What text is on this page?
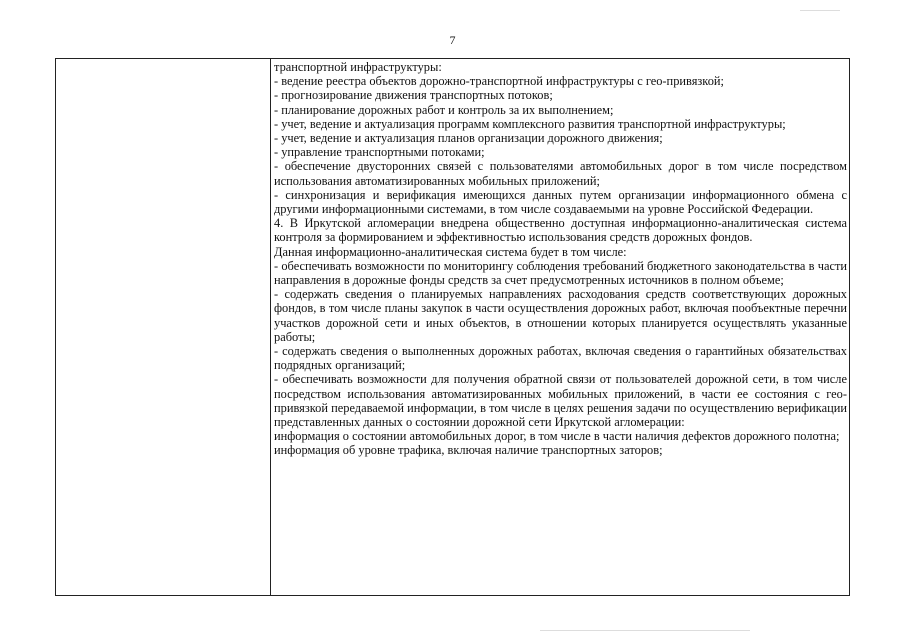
7

транспортной инфраструктуры:

- ведение реестра объектов дорожно-транспортной инфраструктуры с гео-привязкой;

- прогнозирование движения транспортных потоков;

- планирование дорожных работ и контроль за их выполнением;

- учет, ведение и актуализация программ комплексного развития транспортной инфраструктуры;

- учет, ведение и актуализация планов организации дорожного движения;

- управление транспортными потоками;

- обеспечение двусторонних связей с пользователями автомобильных дорог в том числе посредством использования автоматизированных мобильных приложений;

- синхронизация и верификация имеющихся данных путем организации информационного обмена с другими информационными системами, в том числе создаваемыми на уровне Российской Федерации.

4. В Иркутской агломерации внедрена общественно доступная информационно-аналитическая система контроля за формированием и эффективностью использования средств дорожных фондов.

Данная информационно-аналитическая система будет в том числе:

- обеспечивать возможности по мониторингу соблюдения требований бюджетного законодательства в части направления в дорожные фонды средств за счет предусмотренных источников в полном объеме;

- содержать сведения о планируемых направлениях расходования средств соответствующих дорожных фондов, в том числе планы закупок в части осуществления дорожных работ, включая пообъектные перечни участков дорожной сети и иных объектов, в отношении которых планируется осуществлять указанные работы;

- содержать сведения о выполненных дорожных работах, включая сведения о гарантийных обязательствах подрядных организаций;

- обеспечивать возможности для получения обратной связи от пользователей дорожной сети, в том числе посредством использования автоматизированных мобильных приложений, в части ее состояния с гео-привязкой передаваемой информации, в том числе в целях решения задачи по осуществлению верификации представленных данных о состоянии дорожной сети Иркутской агломерации:

информация о состоянии автомобильных дорог, в том числе в части наличия дефектов дорожного полотна;

информация об уровне трафика, включая наличие транспортных заторов;
